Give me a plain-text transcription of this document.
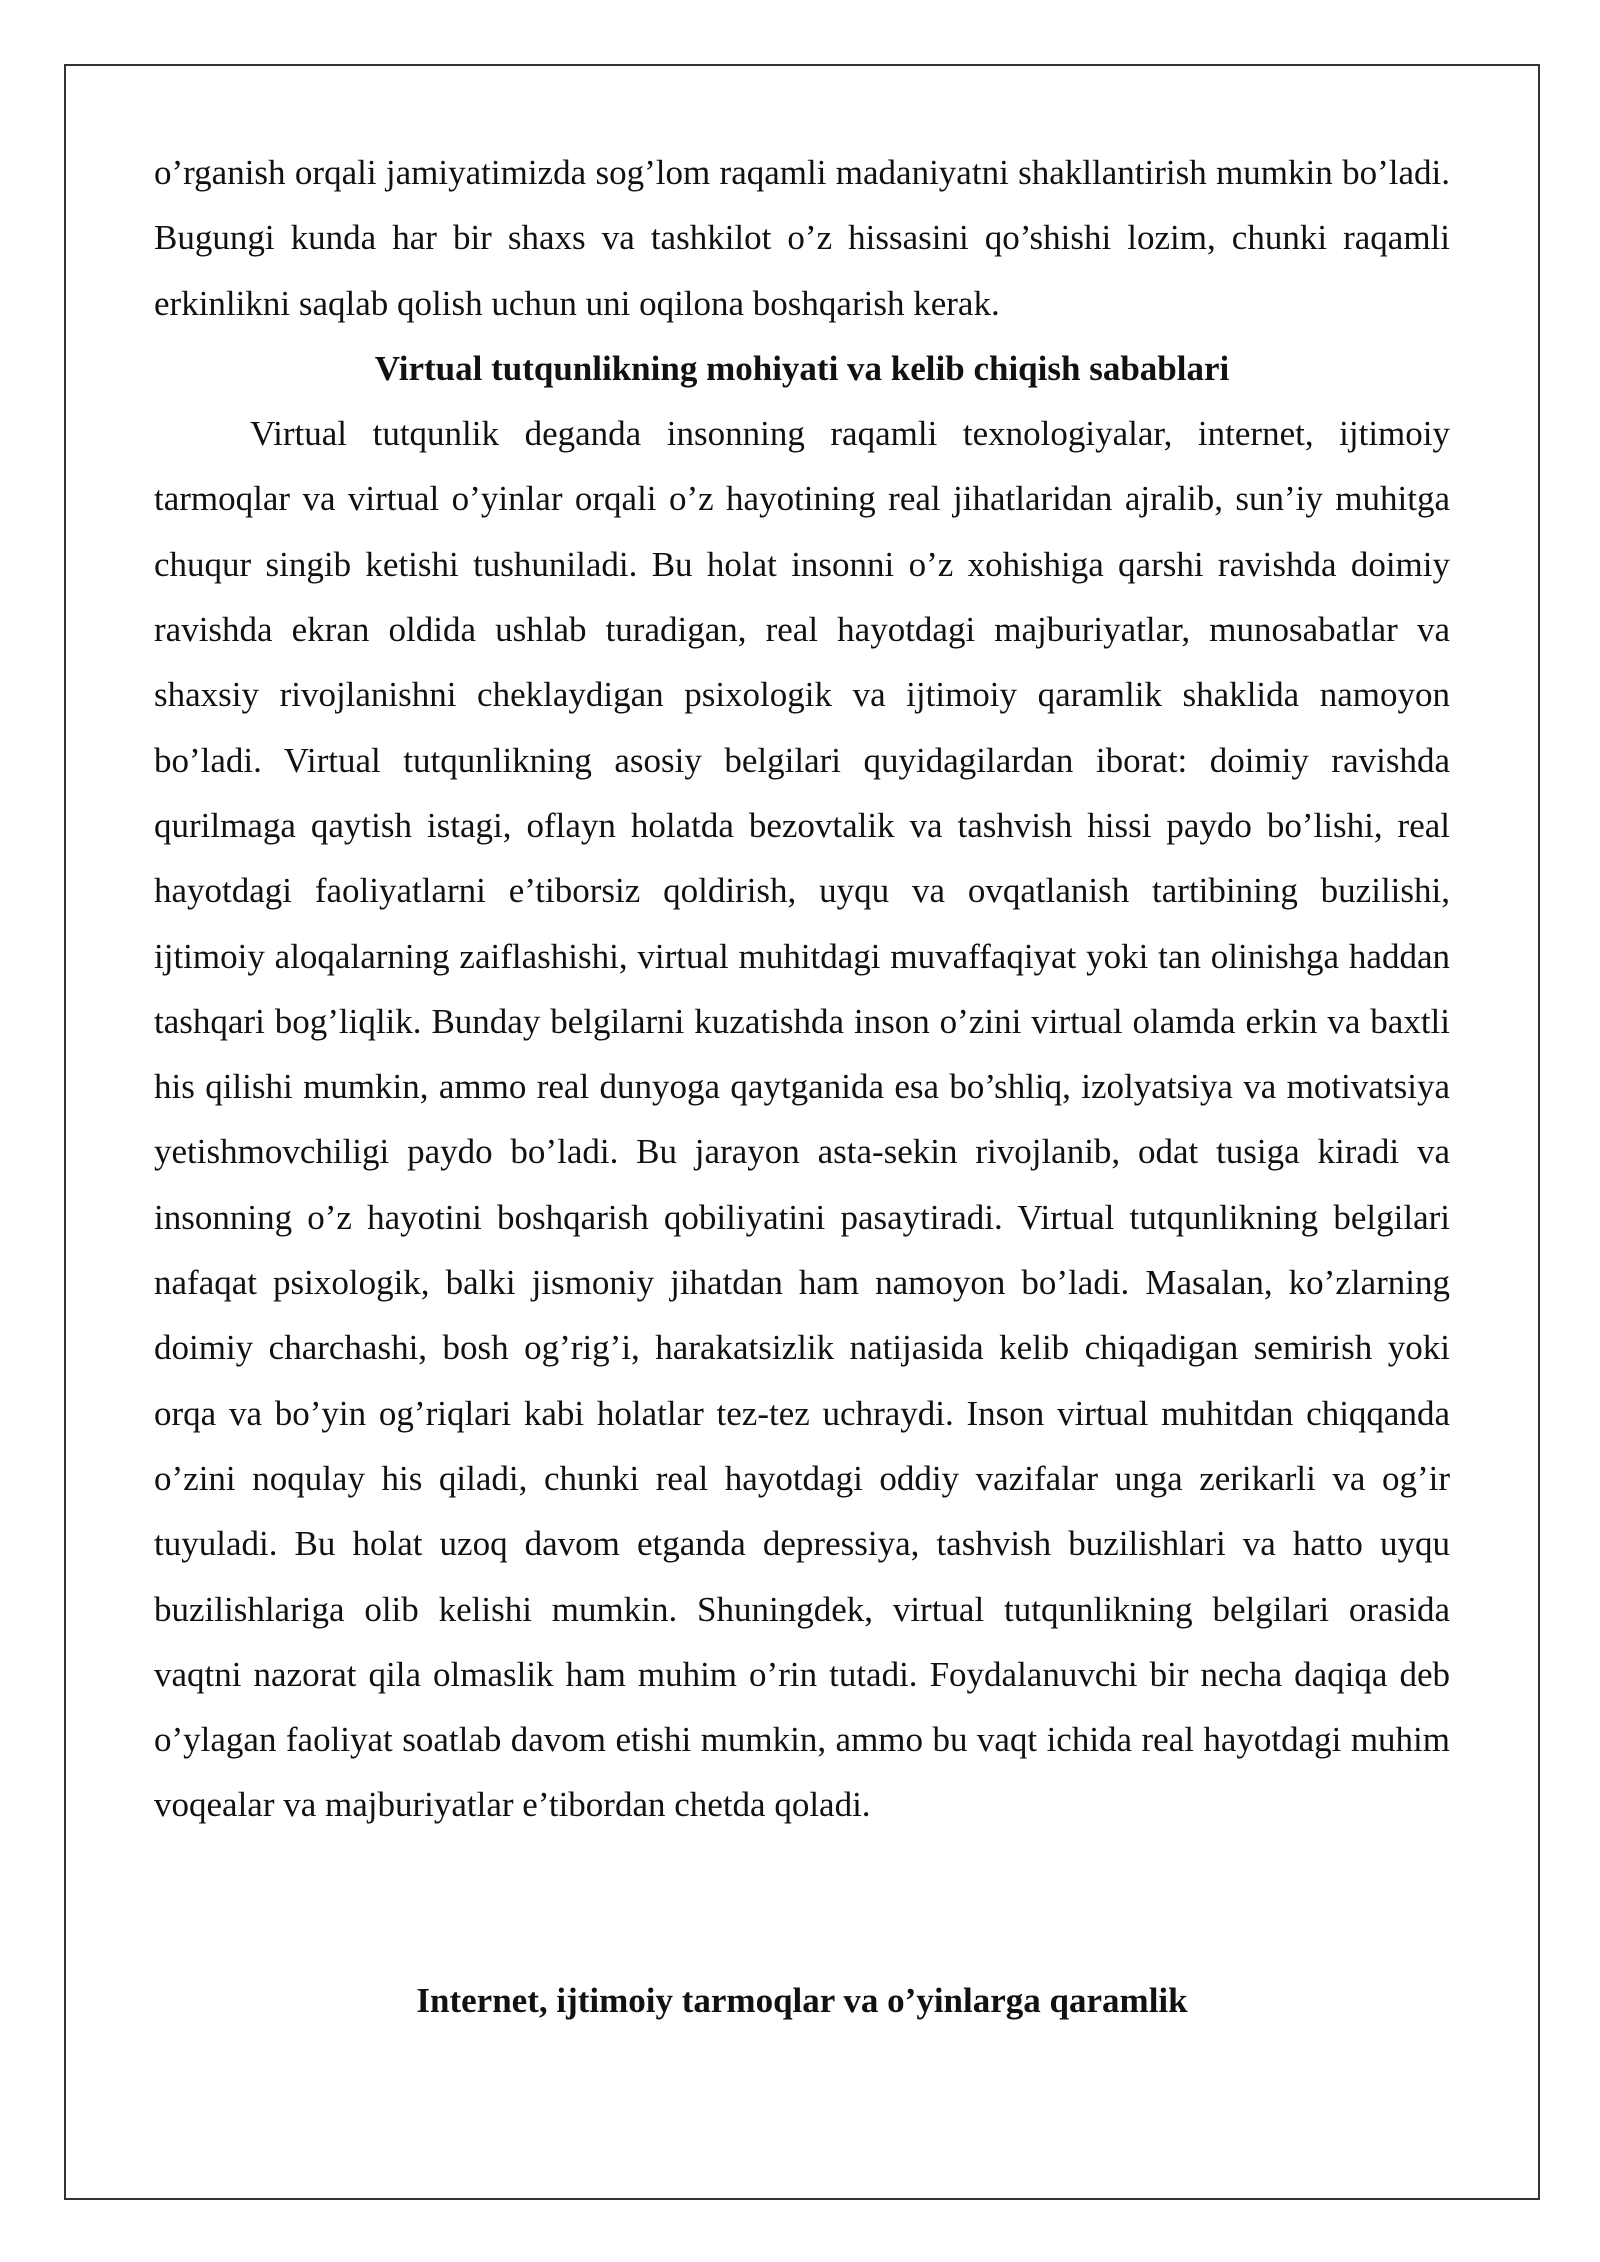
o’rganish orqali jamiyatimizda sog’lom raqamli madaniyatni shakllantirish mumkin bo’ladi. Bugungi kunda har bir shaxs va tashkilot o’z hissasini qo’shishi lozim, chunki raqamli erkinlikni saqlab qolish uchun uni oqilona boshqarish kerak.

Virtual tutqunlikning mohiyati va kelib chiqish sabablari

Virtual tutqunlik deganda insonning raqamli texnologiyalar, internet, ijtimoiy tarmoqlar va virtual o’yinlar orqali o’z hayotining real jihatlaridan ajralib, sun’iy muhitga chuqur singib ketishi tushuniladi. Bu holat insonni o’z xohishiga qarshi ravishda doimiy ravishda ekran oldida ushlab turadigan, real hayotdagi majburiyatlar, munosabatlar va shaxsiy rivojlanishni cheklaydigan psixologik va ijtimoiy qaramlik shaklida namoyon bo’ladi. Virtual tutqunlikning asosiy belgilari quyidagilardan iborat: doimiy ravishda qurilmaga qaytish istagi, oflayn holatda bezovtalik va tashvish hissi paydo bo’lishi, real hayotdagi faoliyatlarni e’tiborsiz qoldirish, uyqu va ovqatlanish tartibining buzilishi, ijtimoiy aloqalarning zaiflashishi, virtual muhitdagi muvaffaqiyat yoki tan olinishga haddan tashqari bog’liqlik. Bunday belgilarni kuzatishda inson o’zini virtual olamda erkin va baxtli his qilishi mumkin, ammo real dunyoga qaytganida esa bo’shliq, izolyatsiya va motivatsiya yetishmovchiligi paydo bo’ladi. Bu jarayon asta-sekin rivojlanib, odat tusiga kiradi va insonning o’z hayotini boshqarish qobiliyatini pasaytiradi. Virtual tutqunlikning belgilari nafaqat psixologik, balki jismoniy jihatdan ham namoyon bo’ladi. Masalan, ko’zlarning doimiy charchashi, bosh og’rig’i, harakatsizlik natijasida kelib chiqadigan semirish yoki orqa va bo’yin og’riqlari kabi holatlar tez-tez uchraydi. Inson virtual muhitdan chiqqanda o’zini noqulay his qiladi, chunki real hayotdagi oddiy vazifalar unga zerikarli va og’ir tuyuladi. Bu holat uzoq davom etganda depressiya, tashvish buzilishlari va hatto uyqu buzilishlariga olib kelishi mumkin. Shuningdek, virtual tutqunlikning belgilari orasida vaqtni nazorat qila olmaslik ham muhim o’rin tutadi. Foydalanuvchi bir necha daqiqa deb o’ylagan faoliyat soatlab davom etishi mumkin, ammo bu vaqt ichida real hayotdagi muhim voqealar va majburiyatlar e’tibordan chetda qoladi.

Internet, ijtimoiy tarmoqlar va o’yinlarga qaramlik
